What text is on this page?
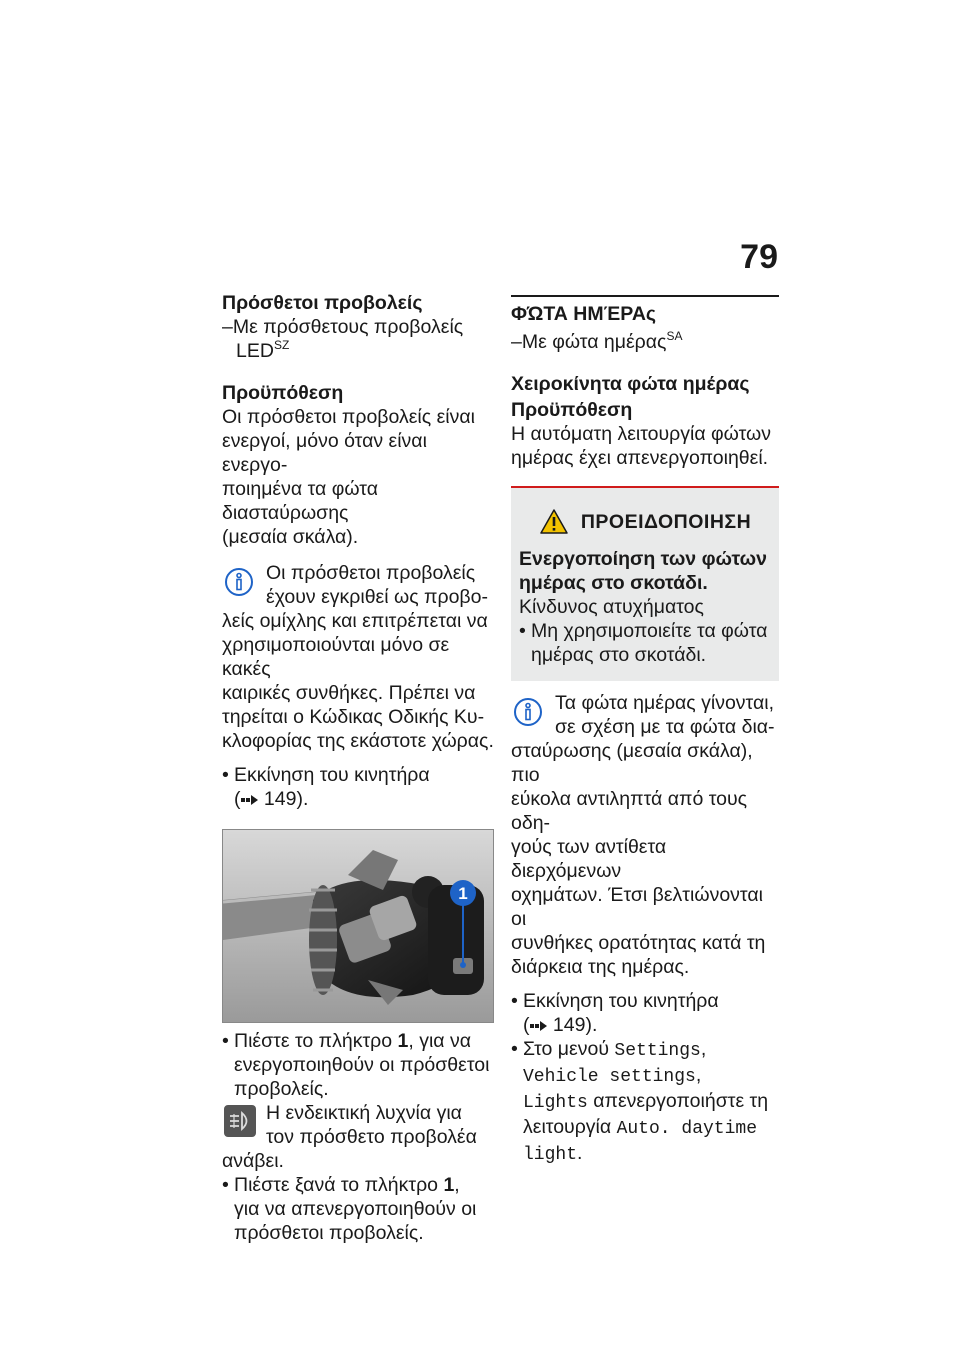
79

Πρόσθετοι προβολείς

–Με πρόσθετους προβολείς

$LED^{SZ}$

Προϋπόθεση

Οι πρόσθετοι προβολείς είναι

ενεργοί, μόνο όταν είναι ενεργο-

ποιημένα τα φώτα διασταύρωσης

(μεσαία σκάλα).

Οι πρόσθετοι προβολείς

έχουν εγκριθεί ως προβο-

λείς ομίχλης και επιτρέπεται να

χρησιμοποιούνται μόνο σε κακές

καιρικές συνθήκες. Πρέπει να

τηρείται ο Κώδικας Οδικής Κυ-

κλοφορίας της εκάστοτε χώρας.

• Εκκίνηση του κινητήρα

( 149).

1
• Πιέστε το πλήκτρο 1, για να

ενεργοποιηθούν οι πρόσθετοι

προβολείς.

Η ενδεικτική λυχνία για

τον πρόσθετο προβολέα

ανάβει.

• Πιέστε ξανά το πλήκτρο 1,

για να απενεργοποιηθούν οι

πρόσθετοι προβολείς.

ΦΏΤΑ ΗΜΈΡΑς

–Με φώτα ημέρας$^{SA}$

Χειροκίνητα φώτα ημέρας

Προϋπόθεση

Η αυτόματη λειτουργία φώτων

ημέρας έχει απενεργοποιηθεί.

ΠΡΟΕΙΔΟΠΟΙΗΣΗ

Ενεργοποίηση των φώτων

ημέρας στο σκοτάδι.

Κίνδυνος ατυχήματος

• Μη χρησιμοποιείτε τα φώτα

ημέρας στο σκοτάδι.

Τα φώτα ημέρας γίνονται,

σε σχέση με τα φώτα δια-

σταύρωσης (μεσαία σκάλα), πιο

εύκολα αντιληπτά από τους οδη-

γούς των αντίθετα διερχόμενων

οχημάτων. Έτσι βελτιώνονται οι

συνθήκες ορατότητας κατά τη

διάρκεια της ημέρας.

• Εκκίνηση του κινητήρα

( 149).

• Στο μενού Settings,

Vehicle settings,

Lights απενεργοποιήστε τη

λειτουργία Auto. daytime

light.
